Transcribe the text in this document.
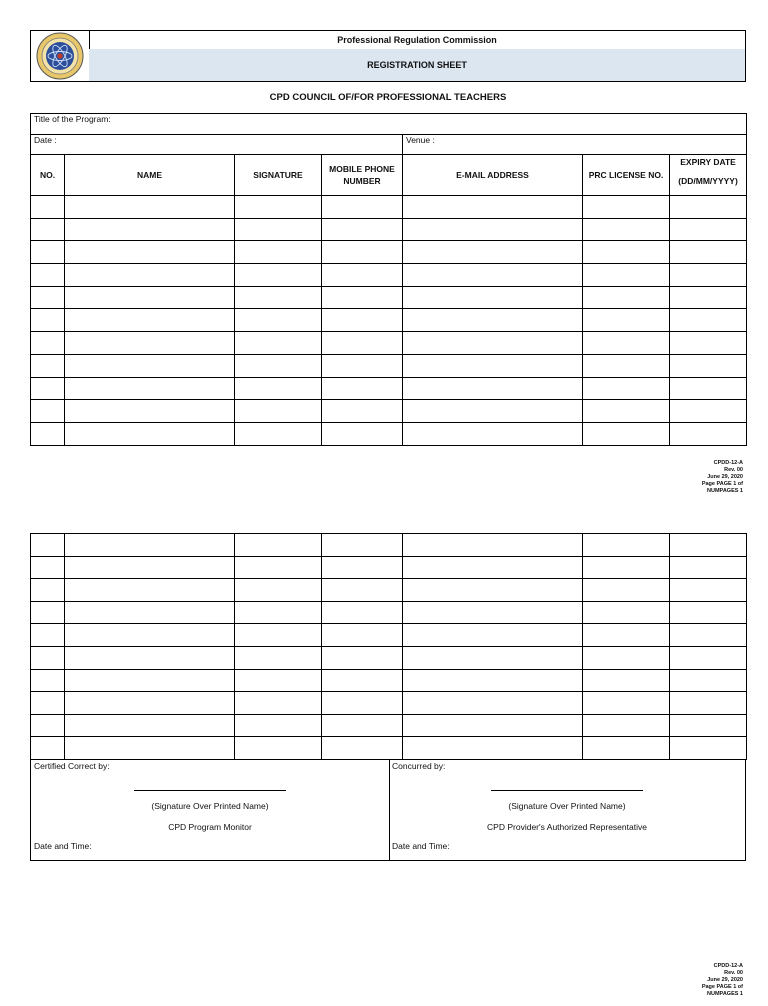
Professional Regulation Commission
REGISTRATION SHEET
CPD COUNCIL OF/FOR PROFESSIONAL TEACHERS
Title of the Program:						
Date :				Venue :		
NO.	NAME	SIGNATURE	MOBILE PHONE NUMBER	E-MAIL ADDRESS	PRC LICENSE NO.	EXPIRY DATE
(DD/MM/YYYY)

CPDD-12-A
Rev. 00
June 29, 2020
Page PAGE 1 of
NUMPAGES 1

Certified Correct by:
(Signature Over Printed Name)
CPD Program Monitor
Date and Time:
Concurred by:
(Signature Over Printed Name)
CPD Provider's Authorized Representative
Date and Time:
CPDD-12-A
Rev. 00
June 29, 2020
Page PAGE 1 of
NUMPAGES 1
